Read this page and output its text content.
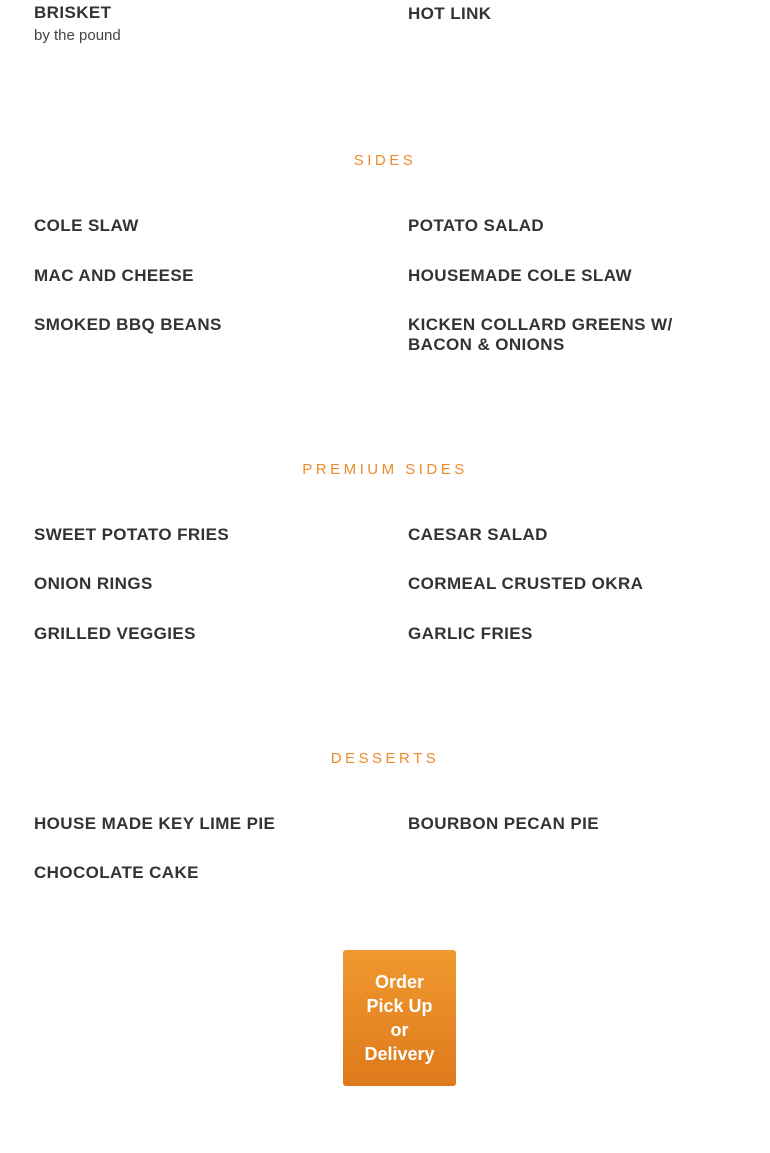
BRISKET
by the pound
HOT LINK
SIDES
COLE SLAW	POTATO SALAD
MAC AND CHEESE	HOUSEMADE COLE SLAW
SMOKED BBQ BEANS	KICKEN COLLARD GREENS W/ BACON & ONIONS
PREMIUM SIDES
SWEET POTATO FRIES	CAESAR SALAD
ONION RINGS	CORMEAL CRUSTED OKRA
GRILLED VEGGIES	GARLIC FRIES
DESSERTS
HOUSE MADE KEY LIME PIE	BOURBON PECAN PIE
CHOCOLATE CAKE
Order Pick Up or Delivery
